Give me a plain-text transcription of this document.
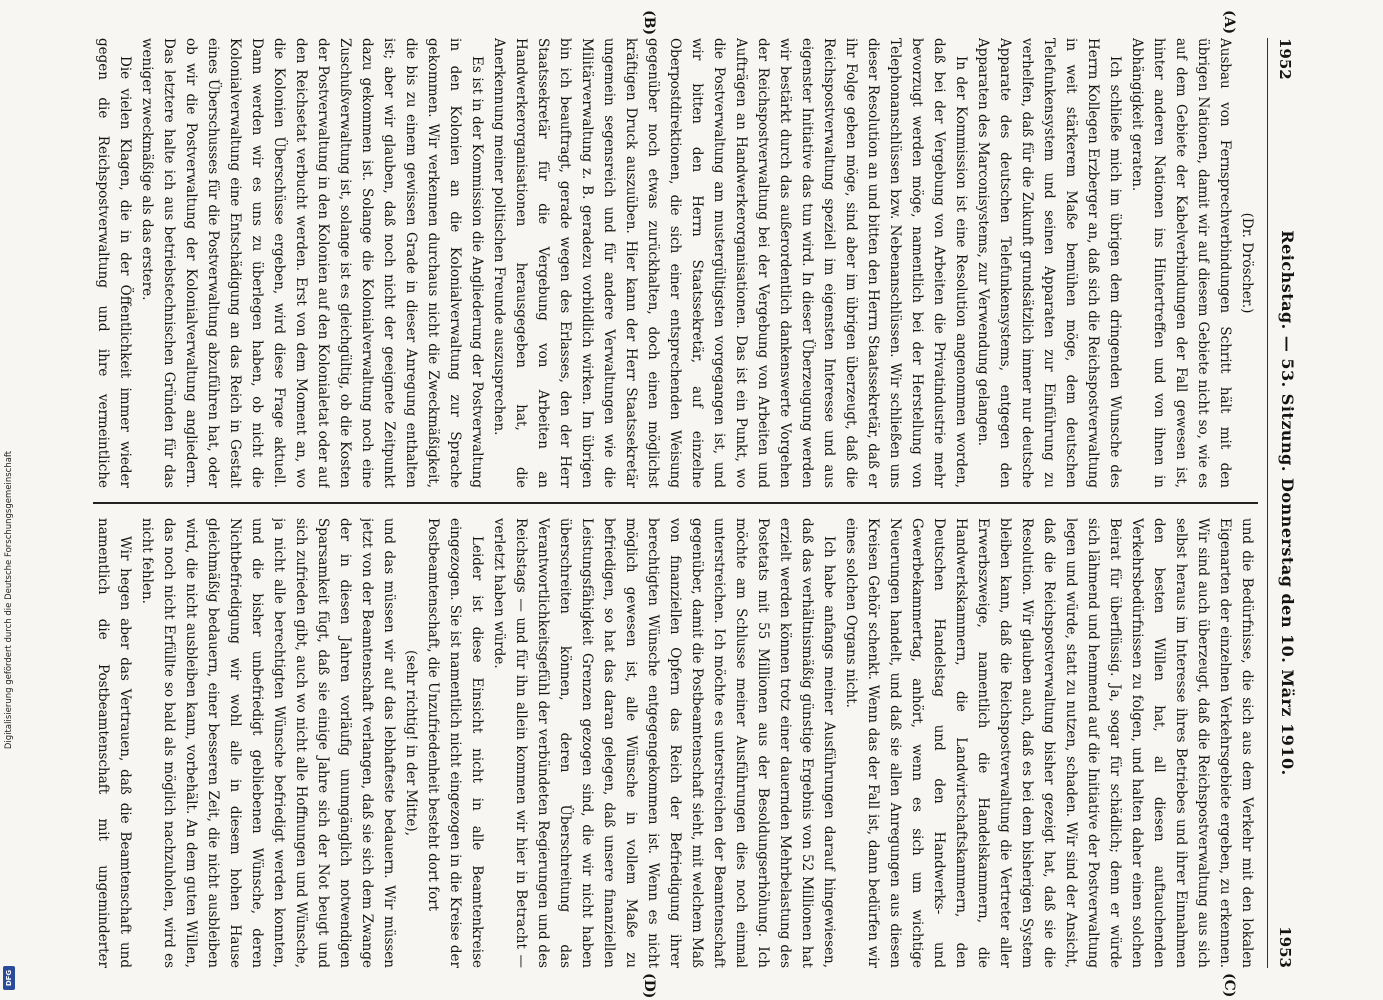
Digitalisierung gefördert durch die Deutsche Forschungsgemeinschaft
DFG
1952
Reichstag. — 53. Sitzung. Donnerstag den 10. März 1910.
1953
(A)
(B)
(C)
(D)

(Dr. Dröscher.)

Ausbau von Fernsprechverbindungen Schritt hält mit den übrigen Nationen, damit wir auf diesem Gebiete nicht so, wie es auf dem Gebiete der Kabelverbindungen der Fall gewesen ist, hinter anderen Nationen ins Hintertreffen und von ihnen in Abhängigkeit geraten.

Ich schließe mich im übrigen dem dringenden Wunsche des Herrn Kollegen Erzberger an, daß sich die Reichspostverwaltung in weit stärkerem Maße bemühen möge, dem deutschen Telefunkensystem und seinen Apparaten zur Einführung zu verhelfen, daß für die Zukunft grundsätzlich immer nur deutsche Apparate des deutschen Telefunkensystems, entgegen den Apparaten des Marconisystems, zur Verwendung gelangen.

In der Kommission ist eine Resolution angenommen worden, daß bei der Vergebung von Arbeiten die Privatindustrie mehr bevorzugt werden möge, namentlich bei der Herstellung von Telephonanschlüssen bzw. Nebenanschlüssen. Wir schließen uns dieser Resolution an und bitten den Herrn Staatssekretär, daß er ihr Folge geben möge, sind aber im übrigen überzeugt, daß die Reichspostverwaltung speziell im eigensten Interesse und aus eigenster Initiative das tun wird. In dieser Überzeugung werden wir bestärkt durch das außerordentlich dankenswerte Vorgehen der Reichspostverwaltung bei der Vergebung von Arbeiten und Aufträgen an Handwerkerorganisationen. Das ist ein Punkt, wo die Postverwaltung am mustergültigsten vorgegangen ist, und wir bitten den Herrn Staatssekretär, auf einzelne Oberpostdirektionen, die sich einer entsprechenden Weisung gegenüber noch etwas zurückhalten, doch einen möglichst kräftigen Druck auszuüben. Hier kann der Herr Staatssekretär ungemein segensreich und für andere Verwaltungen wie die Militärverwaltung z. B. geradezu vorbildlich wirken. Im übrigen bin ich beauftragt, gerade wegen des Erlasses, den der Herr Staatssekretär für die Vergebung von Arbeiten an Handwerkerorganisationen herausgegeben hat, die Anerkennung meiner politischen Freunde auszusprechen.

Es ist in der Kommission die Angliederung der Postverwaltung in den Kolonien an die Kolonialverwaltung zur Sprache gekommen. Wir verkennen durchaus nicht die Zweckmäßigkeit, die bis zu einem gewissen Grade in dieser Anregung enthalten ist; aber wir glauben, daß noch nicht der geeignete Zeitpunkt dazu gekommen ist. Solange die Kolonialverwaltung noch eine Zuschußverwaltung ist, solange ist es gleichgültig, ob die Kosten der Postverwaltung in den Kolonien auf den Kolonialetat oder auf den Reichsetat verbucht werden. Erst von dem Moment an, wo die Kolonien Überschüsse ergeben, wird diese Frage aktuell. Dann werden wir es uns zu überlegen haben, ob nicht die Kolonialverwaltung eine Entschädigung an das Reich in Gestalt eines Überschusses für die Postverwaltung abzuführen hat, oder ob wir die Postverwaltung der Kolonialverwaltung angliedern. Das letztere halte ich aus betriebstechnischen Gründen für das weniger zweckmäßige als das erstere.

Die vielen Klagen, die in der Öffentlichkeit immer wieder gegen die Reichspostverwaltung und ihre vermeintliche

und die Bedürfnisse, die sich aus dem Verkehr mit den lokalen Eigenarten der einzelnen Verkehrsgebiete ergeben, zu erkennen. Wir sind auch überzeugt, daß die Reichspostverwaltung aus sich selbst heraus im Interesse ihres Betriebes und ihrer Einnahmen den besten Willen hat, all diesen auftauchenden Verkehrsbedürfnissen zu folgen, und halten daher einen solchen Beirat für überflüssig. Ja, sogar für schädlich; denn er würde sich lähmend und hemmend auf die Initiative der Postverwaltung legen und würde, statt zu nutzen, schaden. Wir sind der Ansicht, daß die Reichspostverwaltung bisher gezeigt hat, daß sie die Resolution. Wir glauben auch, daß es bei dem bisherigen System bleiben kann, daß die Reichspostverwaltung die Vertreter aller Erwerbszweige, namentlich die Handelskammern, die Handwerkskammern, die Landwirtschaftskammern, den Deutschen Handelstag und den Handwerks- und Gewerbekammertag, anhört, wenn es sich um wichtige Neuerungen handelt, und daß sie allen Anregungen aus diesen Kreisen Gehör schenkt. Wenn das der Fall ist, dann bedürfen wir eines solchen Organs nicht.

Ich habe anfangs meiner Ausführungen darauf hingewiesen, daß das verhältnismäßig günstige Ergebnis von 52 Millionen hat erzielt werden können trotz einer dauernden Mehrbelastung des Postetats mit 55 Millionen aus der Besoldungserhöhung. Ich möchte am Schlusse meiner Ausführungen dies noch einmal unterstreichen. Ich möchte es unterstreichen der Beamtenschaft gegenüber, damit die Postbeamtenschaft sieht, mit welchem Maß von finanziellen Opfern das Reich der Befriedigung ihrer berechtigten Wünsche entgegengekommen ist. Wenn es nicht möglich gewesen ist, alle Wünsche in vollem Maße zu befriedigen, so hat das daran gelegen, daß unsere finanziellen Leistungsfähigkeit Grenzen gezogen sind, die wir nicht haben überschreiten können, deren Überschreitung das Verantwortlichkeitsgefühl der verbündeten Regierungen und des Reichstags — und für ihn allein kommen wir hier in Betracht — verletzt haben würde.

Leider ist diese Einsicht nicht in alle Beamtenkreise eingezogen. Sie ist namentlich nicht eingezogen in die Kreise der Postbeamtenschaft, die Unzufriedenheit besteht dort fort

(sehr richtig! in der Mitte),

und das müssen wir auf das lebhafteste bedauern. Wir müssen jetzt von der Beamtenschaft verlangen, daß sie sich dem Zwange der in diesen Jahren vorläufig unumgänglich notwendigen Sparsamkeit fügt, daß sie einige Jahre sich der Not beugt und sich zufrieden gibt, auch wo nicht alle Hoffnungen und Wünsche, ja nicht alle berechtigten Wünsche befriedigt werden konnten, und die bisher unbefriedigt gebliebenen Wünsche, deren Nichtbefriedigung wir wohl alle in diesem hohen Hause gleichmäßig bedauern, einer besseren Zeit, die nicht ausbleiben wird, die nicht ausbleiben kann, vorbehält. An dem guten Willen, das noch nicht Erfüllte so bald als möglich nachzuholen, wird es nicht fehlen.

Wir hegen aber das Vertrauen, daß die Beamtenschaft und namentlich die Postbeamtenschaft mit ungeminderter
